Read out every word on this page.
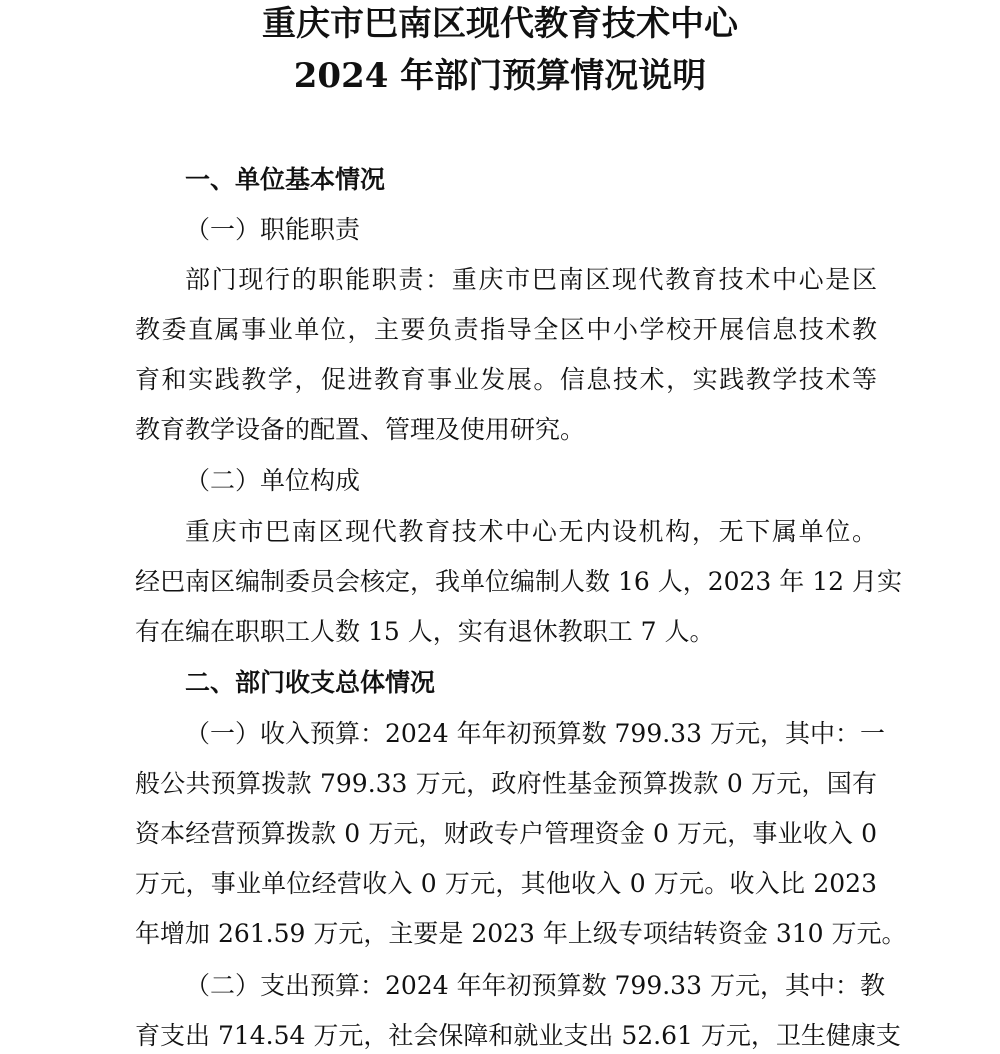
重庆市巴南区现代教育技术中心
2024 年部门预算情况说明
一、单位基本情况
（一）职能职责
部门现行的职能职责：重庆市巴南区现代教育技术中心是区
教委直属事业单位，主要负责指导全区中小学校开展信息技术教
育和实践教学，促进教育事业发展。信息技术，实践教学技术等
教育教学设备的配置、管理及使用研究。
（二）单位构成
重庆市巴南区现代教育技术中心无内设机构，无下属单位。
经巴南区编制委员会核定，我单位编制人数 16 人，2023 年 12 月实
有在编在职职工人数 15 人，实有退休教职工 7 人。
二、部门收支总体情况
（一）收入预算：2024 年年初预算数 799.33 万元，其中：一
般公共预算拨款 799.33 万元，政府性基金预算拨款 0 万元，国有
资本经营预算拨款 0 万元，财政专户管理资金 0 万元，事业收入 0
万元，事业单位经营收入 0 万元，其他收入 0 万元。收入比 2023
年增加 261.59 万元，主要是 2023 年上级专项结转资金 310 万元。
（二）支出预算：2024 年年初预算数 799.33 万元，其中：教
育支出 714.54 万元，社会保障和就业支出 52.61 万元，卫生健康支
